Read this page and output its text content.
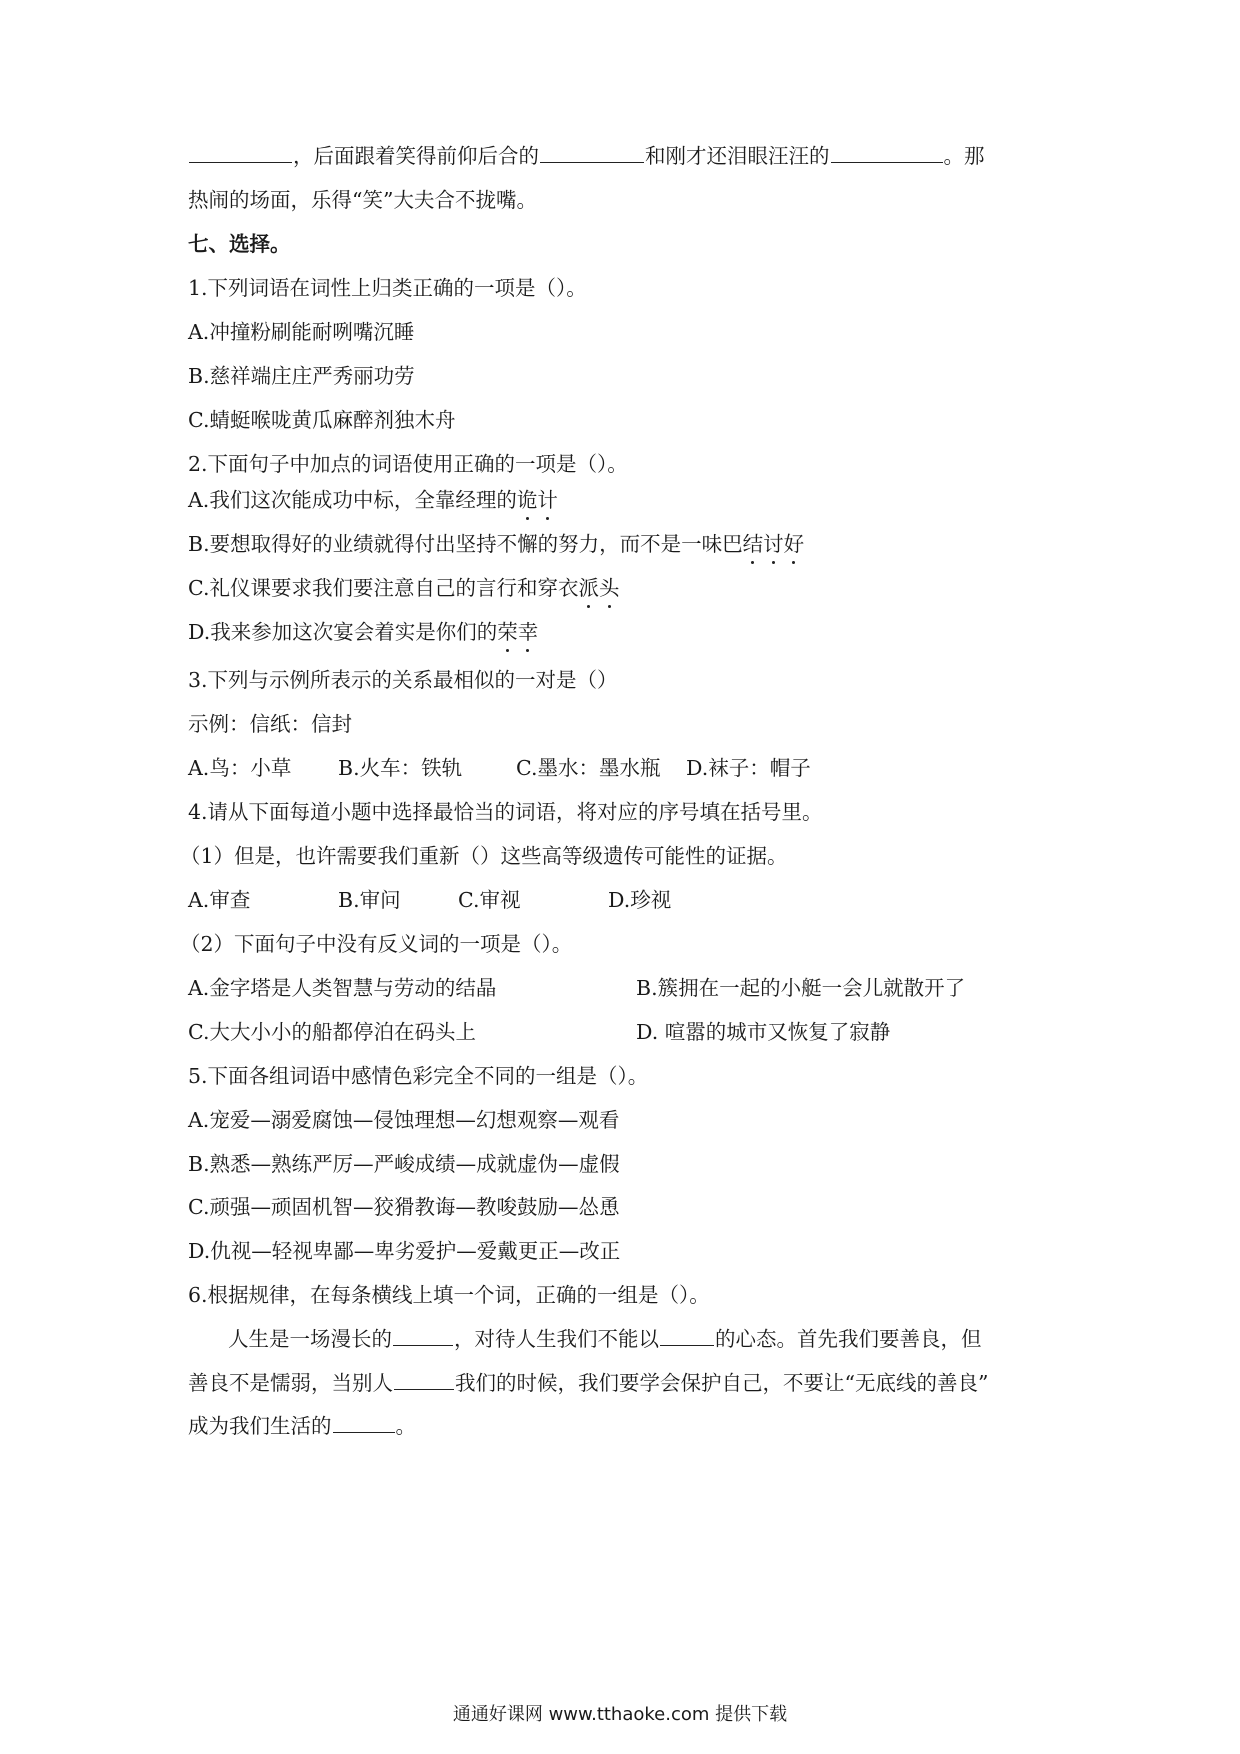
，后面跟着笑得前仰后合的	和刚才还泪眼汪汪的	。那
热闹的场面，乐得“笑”大夫合不拢嘴。
七、选择。
1.下列词语在词性上归类正确的一项是（）。
A.冲撞粉刷能耐咧嘴沉睡
B.慈祥端庄庄严秀丽功劳
C.蜻蜓喉咙黄瓜麻醉剂独木舟
2.下面句子中加点的词语使用正确的一项是（）。
A.我们这次能成功中标，全靠经理的诡计
B.要想取得好的业绩就得付出坚持不懈的努力，而不是一味巴结讨好
C.礼仪课要求我们要注意自己的言行和穿衣派头
D.我来参加这次宴会着实是你们的荣幸
3.下列与示例所表示的关系最相似的一对是（）
示例：信纸：信封
A.鸟：小草 B.火车：铁轨	C.墨水：墨水瓶 D.袜子：帽子
4.请从下面每道小题中选择最恰当的词语，将对应的序号填在括号里。
（1）但是，也许需要我们重新（）这些高等级遗传可能性的证据。
A.审查	B.审问	C.审视	D.珍视
（2）下面句子中没有反义词的一项是（）。
A.金字塔是人类智慧与劳动的结晶	B.簇拥在一起的小艇一会儿就散开了
C.大大小小的船都停泊在码头上	D. 喧嚣的城市又恢复了寂静
5.下面各组词语中感情色彩完全不同的一组是（）。
A.宠爱—溺爱腐蚀—侵蚀理想—幻想观察—观看
B.熟悉—熟练严厉—严峻成绩—成就虚伪—虚假
C.顽强—顽固机智—狡猾教诲—教唆鼓励—怂恿
D.仇视—轻视卑鄙—卑劣爱护—爱戴更正—改正
6.根据规律，在每条横线上填一个词，正确的一组是（）。
人生是一场漫长的	，对待人生我们不能以	的心态。首先我们要善良，但
善良不是懦弱，当别人	我们的时候，我们要学会保护自己，不要让“无底线的善良”
成为我们生活的	。
通通好课网 www.tthaoke.com 提供下载
